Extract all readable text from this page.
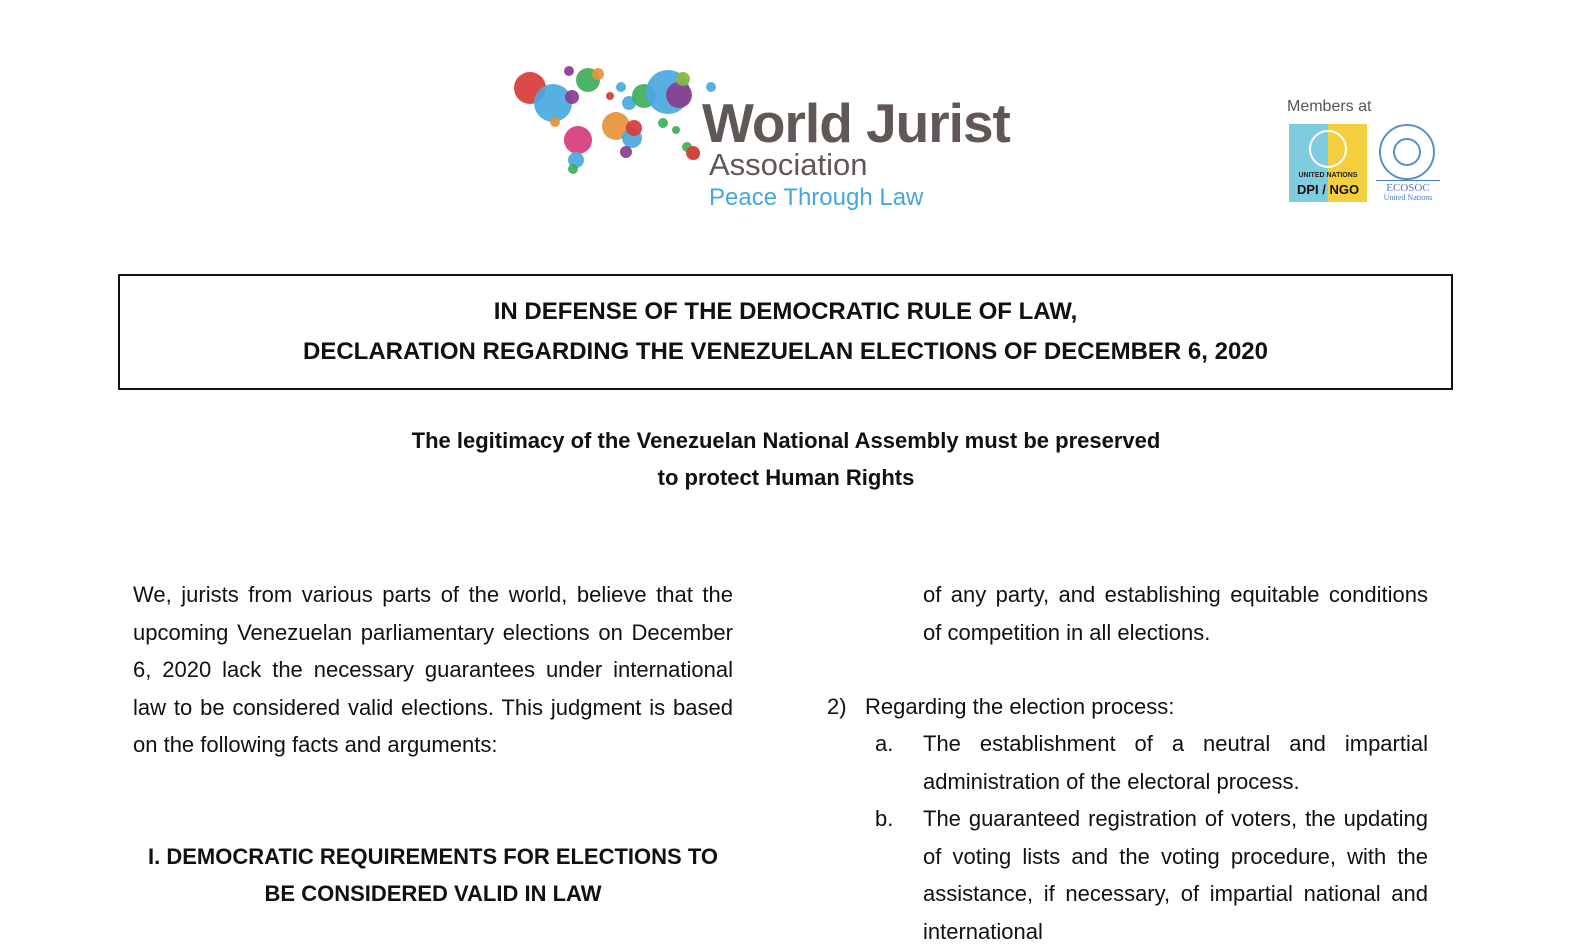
World Jurist
Association
Peace Through Law
Members at
UNITED NATIONS
DPI / NGO	ECOSOC
United Nations
IN DEFENSE OF THE DEMOCRATIC RULE OF LAW,
DECLARATION REGARDING THE VENEZUELAN ELECTIONS OF DECEMBER 6, 2020
The legitimacy of the Venezuelan National Assembly must be preserved
to protect Human Rights

We, jurists from various parts of the world, believe that the upcoming Venezuelan parliamentary elections on December 6, 2020 lack the necessary guarantees under international law to be considered valid elections. This judgment is based on the following facts and arguments:

I. DEMOCRATIC REQUIREMENTS FOR ELECTIONS TO
BE CONSIDERED VALID IN LAW
of any party, and establishing equitable conditions of competition in all elections.
2) Regarding the election process:
a. The establishment of a neutral and impartial administration of the electoral process.
b. The guaranteed registration of voters, the updating of voting lists and the voting procedure, with the assistance, if necessary, of impartial national and international
